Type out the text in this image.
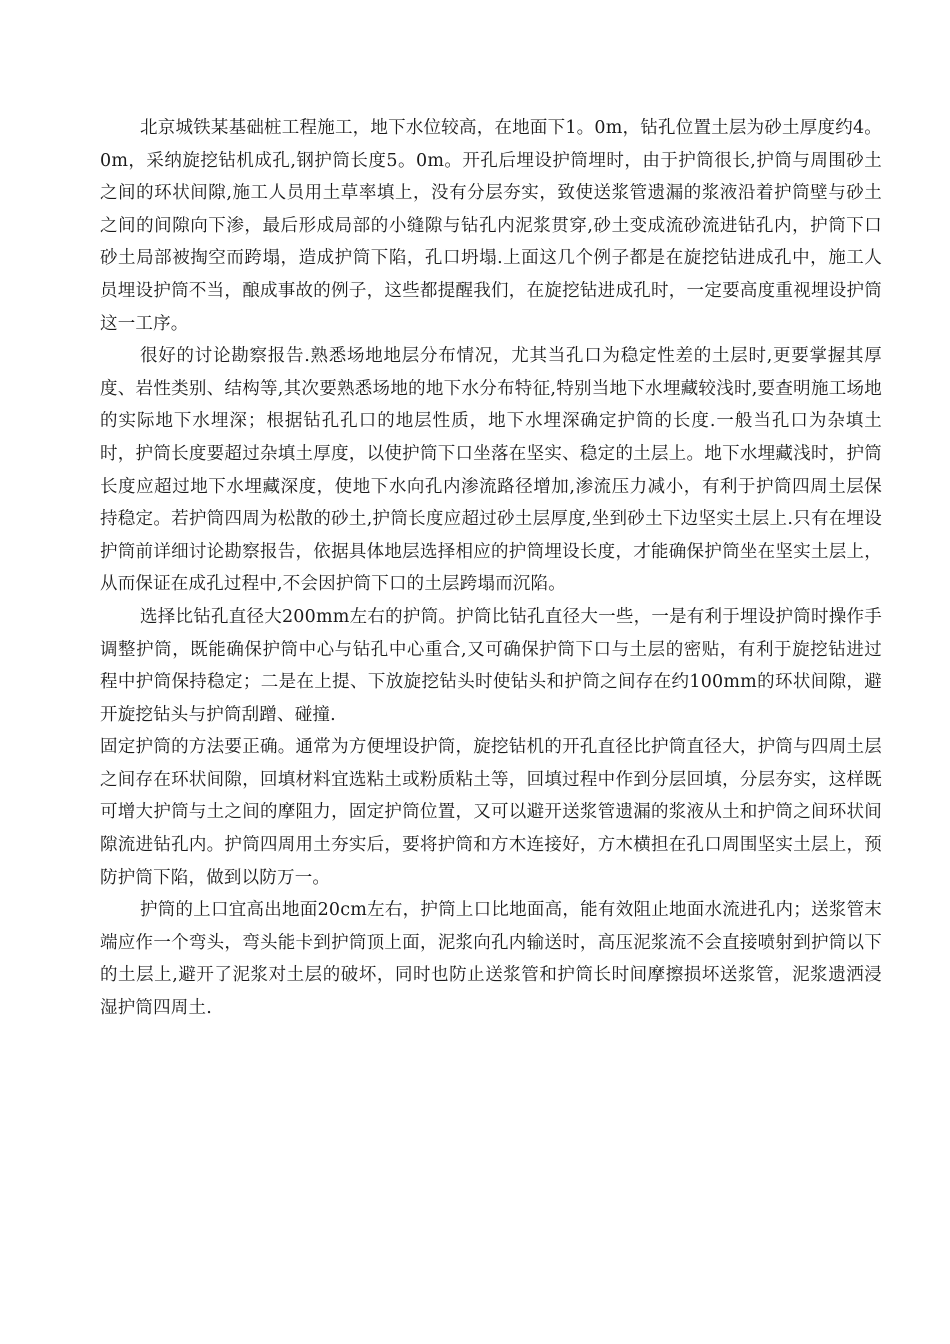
北京城铁某基础桩工程施工，地下水位较高，在地面下1。0m，钻孔位置土层为砂土厚度约4。0m，采纳旋挖钻机成孔,钢护筒长度5。0m。开孔后埋设护筒埋时，由于护筒很长,护筒与周围砂土之间的环状间隙,施工人员用土草率填上，没有分层夯实，致使送浆管遗漏的浆液沿着护筒壁与砂土之间的间隙向下渗，最后形成局部的小缝隙与钻孔内泥浆贯穿,砂土变成流砂流进钻孔内，护筒下口砂土局部被掏空而跨塌，造成护筒下陷，孔口坍塌.上面这几个例子都是在旋挖钻进成孔中，施工人员埋设护筒不当，酿成事故的例子，这些都提醒我们，在旋挖钻进成孔时，一定要高度重视埋设护筒这一工序。

很好的讨论勘察报告.熟悉场地地层分布情况，尤其当孔口为稳定性差的土层时,更要掌握其厚度、岩性类别、结构等,其次要熟悉场地的地下水分布特征,特别当地下水埋藏较浅时,要查明施工场地的实际地下水埋深；根据钻孔孔口的地层性质，地下水埋深确定护筒的长度.一般当孔口为杂填土时，护筒长度要超过杂填土厚度，以使护筒下口坐落在坚实、稳定的土层上。地下水埋藏浅时，护筒长度应超过地下水埋藏深度，使地下水向孔内渗流路径增加,渗流压力减小，有利于护筒四周土层保持稳定。若护筒四周为松散的砂土,护筒长度应超过砂土层厚度,坐到砂土下边坚实土层上.只有在埋设护筒前详细讨论勘察报告，依据具体地层选择相应的护筒埋设长度，才能确保护筒坐在坚实土层上，从而保证在成孔过程中,不会因护筒下口的土层跨塌而沉陷。

选择比钻孔直径大200mm左右的护筒。护筒比钻孔直径大一些，一是有利于埋设护筒时操作手调整护筒，既能确保护筒中心与钻孔中心重合,又可确保护筒下口与土层的密贴，有利于旋挖钻进过程中护筒保持稳定；二是在上提、下放旋挖钻头时使钻头和护筒之间存在约100mm的环状间隙，避开旋挖钻头与护筒刮蹭、碰撞.

固定护筒的方法要正确。通常为方便埋设护筒，旋挖钻机的开孔直径比护筒直径大，护筒与四周土层之间存在环状间隙，回填材料宜选粘土或粉质粘土等，回填过程中作到分层回填，分层夯实，这样既可增大护筒与土之间的摩阻力，固定护筒位置，又可以避开送浆管遗漏的浆液从土和护筒之间环状间隙流进钻孔内。护筒四周用土夯实后，要将护筒和方木连接好，方木横担在孔口周围坚实土层上，预防护筒下陷，做到以防万一。

护筒的上口宜高出地面20cm左右，护筒上口比地面高，能有效阻止地面水流进孔内；送浆管末端应作一个弯头，弯头能卡到护筒顶上面，泥浆向孔内输送时，高压泥浆流不会直接喷射到护筒以下的土层上,避开了泥浆对土层的破坏，同时也防止送浆管和护筒长时间摩擦损坏送浆管，泥浆遗洒浸湿护筒四周土.
